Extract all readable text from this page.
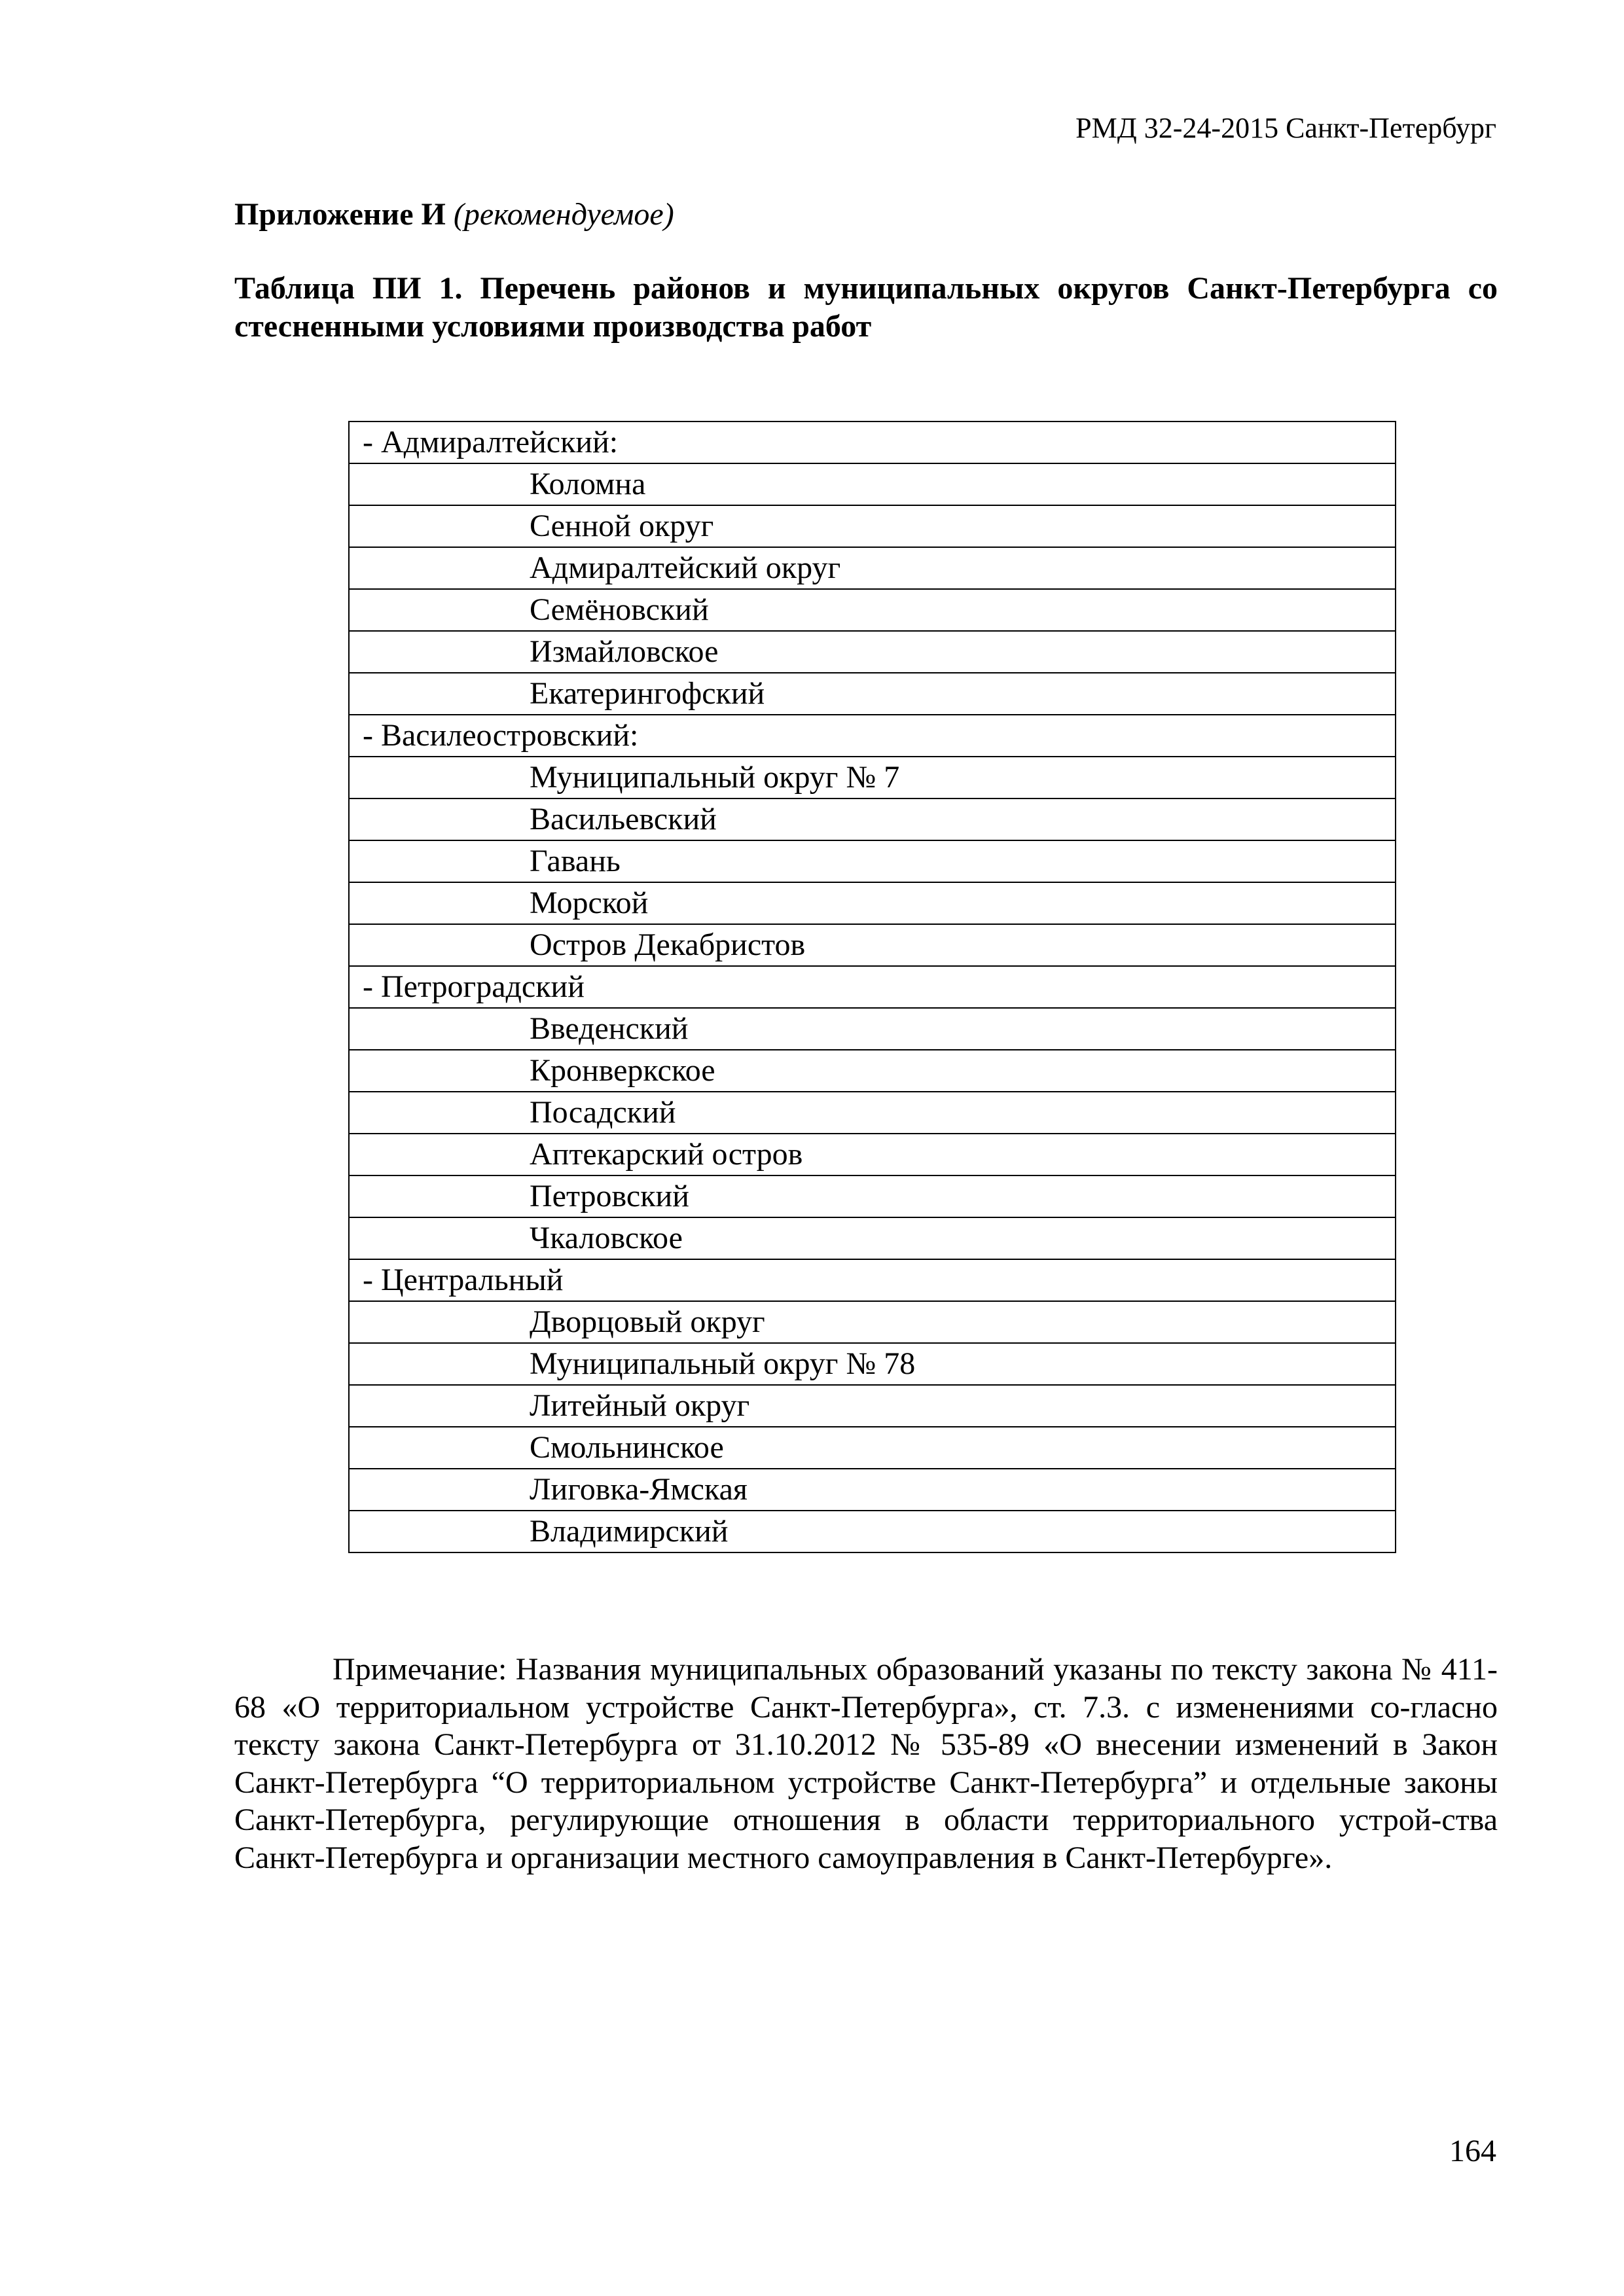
РМД 32-24-2015 Санкт-Петербург
Приложение И (рекомендуемое)
Таблица ПИ 1. Перечень районов и муниципальных округов Санкт-Петербурга со стесненными условиями производства работ
- Адмиралтейский:
Коломна
Сенной округ
Адмиралтейский округ
Семёновский
Измайловское
Екатерингофский
- Василеостровский:
Муниципальный округ № 7
Васильевский
Гавань
Морской
Остров Декабристов
- Петроградский
Введенский
Кронверкское
Посадский
Аптекарский остров
Петровский
Чкаловское
- Центральный
Дворцовый округ
Муниципальный округ № 78
Литейный округ
Смольнинское
Лиговка-Ямская
Владимирский
Примечание: Названия муниципальных образований указаны по тексту закона № 411-68 «О территориальном устройстве Санкт-Петербурга», ст. 7.3. с изменениями со-гласно тексту закона Санкт-Петербурга от 31.10.2012 № 535-89 «О внесении изменений в Закон Санкт-Петербурга “О территориальном устройстве Санкт-Петербурга” и отдельные законы Санкт-Петербурга, регулирующие отношения в области территориального устрой-ства Санкт-Петербурга и организации местного самоуправления в Санкт-Петербурге».
164
